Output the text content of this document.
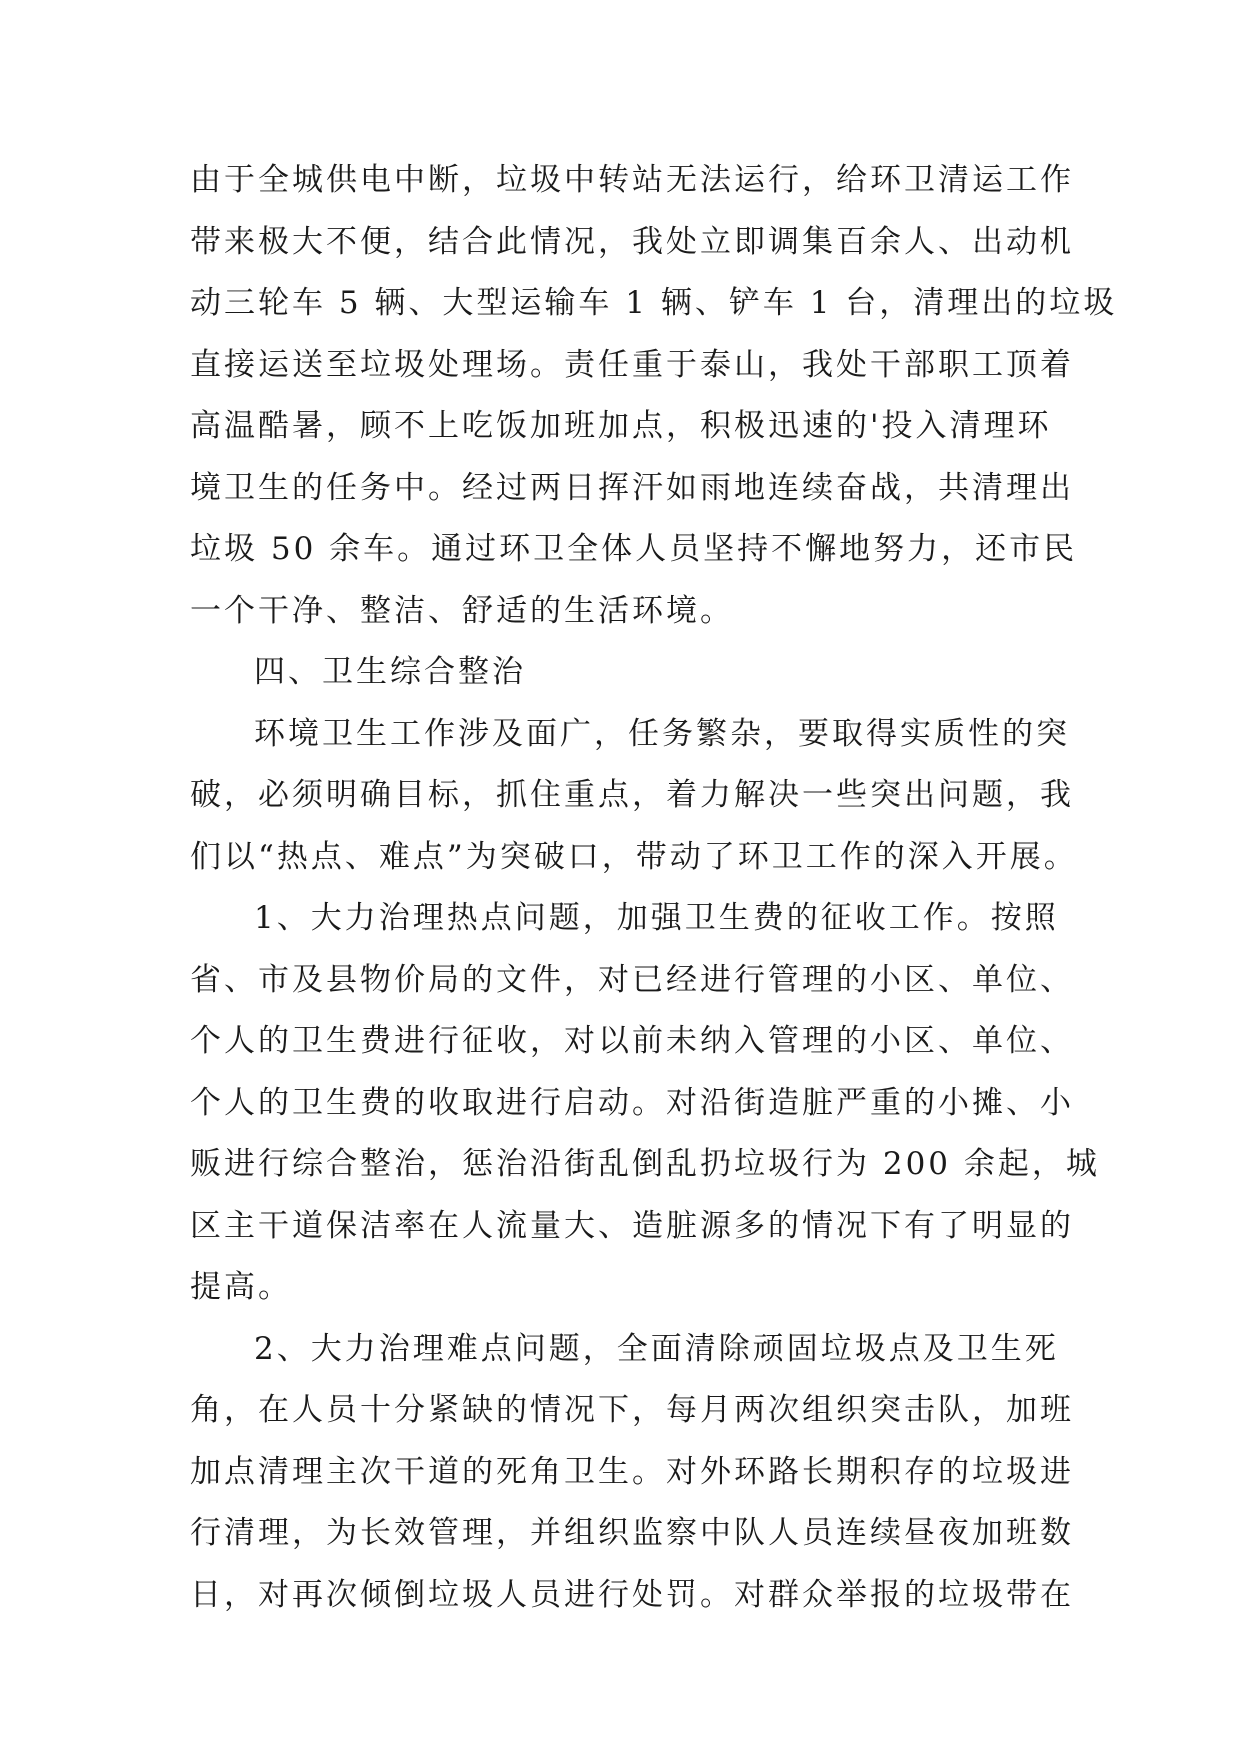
由于全城供电中断，垃圾中转站无法运行，给环卫清运工作
带来极大不便，结合此情况，我处立即调集百余人、出动机
动三轮车 5 辆、大型运输车 1 辆、铲车 1 台，清理出的垃圾
直接运送至垃圾处理场。责任重于泰山，我处干部职工顶着
高温酷暑，顾不上吃饭加班加点，积极迅速的'投入清理环
境卫生的任务中。经过两日挥汗如雨地连续奋战，共清理出
垃圾 50 余车。通过环卫全体人员坚持不懈地努力，还市民
一个干净、整洁、舒适的生活环境。
四、卫生综合整治
环境卫生工作涉及面广，任务繁杂，要取得实质性的突
破，必须明确目标，抓住重点，着力解决一些突出问题，我
们以“热点、难点”为突破口，带动了环卫工作的深入开展。
1、大力治理热点问题，加强卫生费的征收工作。按照
省、市及县物价局的文件，对已经进行管理的小区、单位、
个人的卫生费进行征收，对以前未纳入管理的小区、单位、
个人的卫生费的收取进行启动。对沿街造脏严重的小摊、小
贩进行综合整治，惩治沿街乱倒乱扔垃圾行为 200 余起，城
区主干道保洁率在人流量大、造脏源多的情况下有了明显的
提高。
2、大力治理难点问题，全面清除顽固垃圾点及卫生死
角，在人员十分紧缺的情况下，每月两次组织突击队，加班
加点清理主次干道的死角卫生。对外环路长期积存的垃圾进
行清理，为长效管理，并组织监察中队人员连续昼夜加班数
日，对再次倾倒垃圾人员进行处罚。对群众举报的垃圾带在
